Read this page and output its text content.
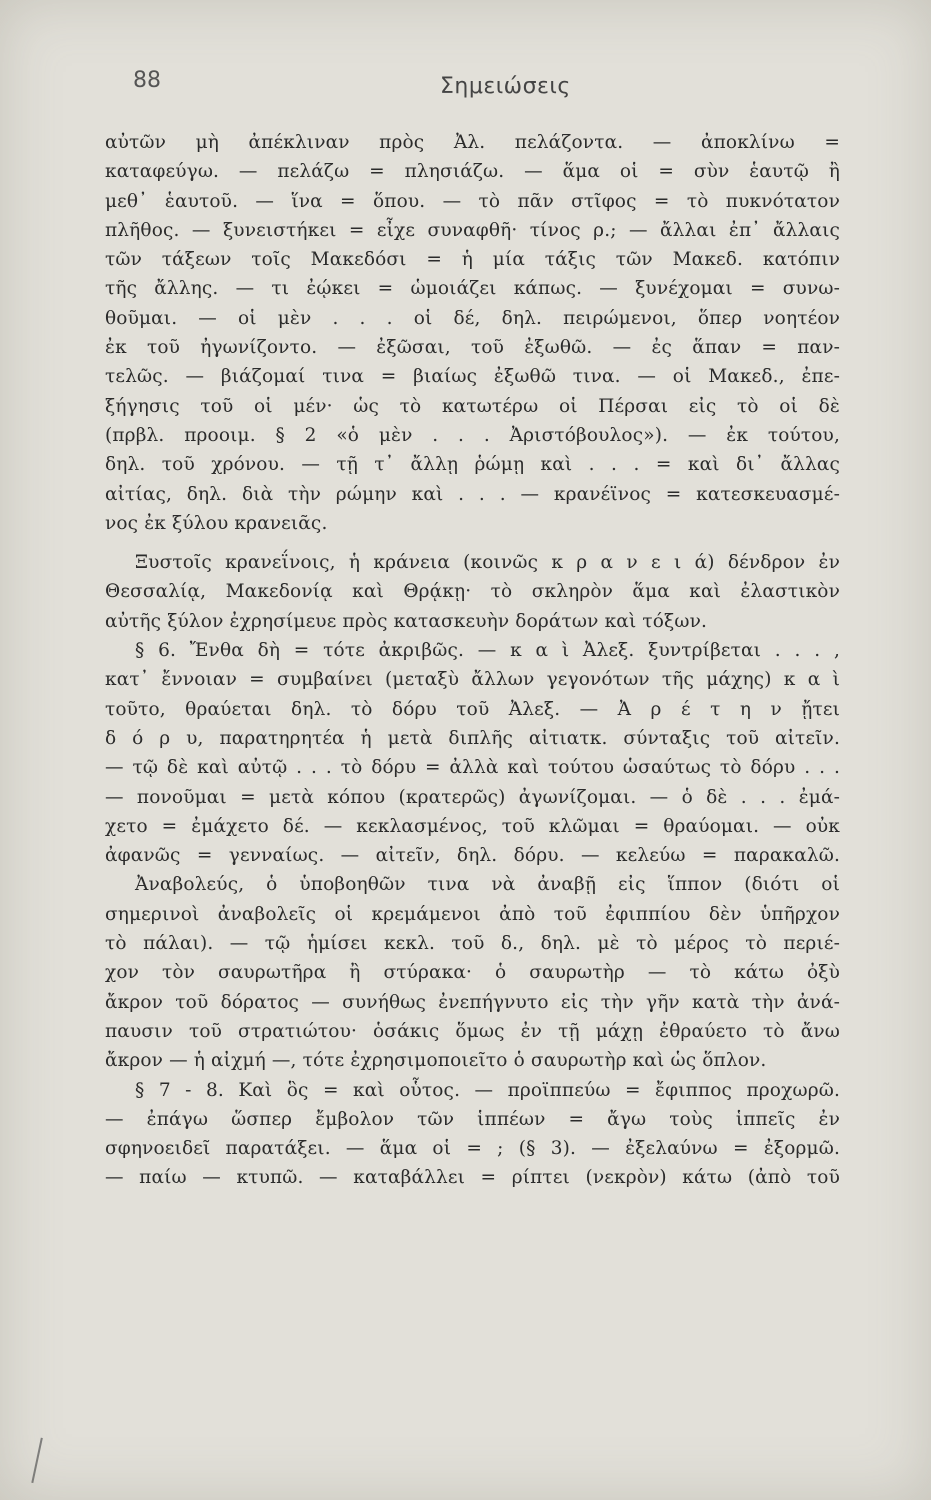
88	Σημειώσεις
αὐτῶν μὴ ἀπέκλιναν πρὸς Ἀλ. πελάζοντα. — ἀποκλίνω =
καταφεύγω. — πελάζω = πλησιάζω. — ἅμα οἱ = σὺν ἑαυτῷ ἢ
μεθ᾽ ἑαυτοῦ. — ἵνα = ὅπου. — τὸ πᾶν στῖφος = τὸ πυκνότατον
πλῆθος. — ξυνειστήκει = εἶχε συναφθῆ· τίνος ρ.; — ἄλλαι ἐπ᾽ ἄλλαις
τῶν τάξεων τοῖς Μακεδόσι = ἡ μία τάξις τῶν Μακεδ. κατόπιν
τῆς ἄλλης. — τι ἐῴκει = ὡμοιάζει κάπως. — ξυνέχομαι = συνω-
θοῦμαι. — οἱ μὲν . . . οἱ δέ, δηλ. πειρώμενοι, ὅπερ νοητέον
ἐκ τοῦ ἠγωνίζοντο. — ἐξῶσαι, τοῦ ἐξωθῶ. — ἐς ἅπαν = παν-
τελῶς. — βιάζομαί τινα = βιαίως ἐξωθῶ τινα. — οἱ Μακεδ., ἐπε-
ξήγησις τοῦ οἱ μέν· ὡς τὸ κατωτέρω οἱ Πέρσαι εἰς τὸ οἱ δὲ
(πρβλ. προοιμ. § 2 «ὁ μὲν . . . Ἀριστόβουλος»). — ἐκ τούτου,
δηλ. τοῦ χρόνου. — τῇ τ᾽ ἄλλῃ ῥώμῃ καὶ . . . = καὶ δι᾽ ἄλλας
αἰτίας, δηλ. διὰ τὴν ρώμην καὶ . . . — κρανέϊνος = κατεσκευασμέ-
νος ἐκ ξύλου κρανειᾶς.
Ξυστοῖς κρανεΐνοις, ἡ κράνεια (κοινῶς κ ρ α ν ε ι ά) δένδρον ἐν
Θεσσαλίᾳ, Μακεδονίᾳ καὶ Θρᾴκῃ· τὸ σκληρὸν ἅμα καὶ ἐλαστικὸν
αὐτῆς ξύλον ἐχρησίμευε πρὸς κατασκευὴν δοράτων καὶ τόξων.
§ 6. Ἔνθα δὴ = τότε ἀκριβῶς. — κ α ὶ Ἀλεξ. ξυντρίβεται . . . ,
κατ᾽ ἔννοιαν = συμβαίνει (μεταξὺ ἄλλων γεγονότων τῆς μάχης) κ α ὶ
τοῦτο, θραύεται δηλ. τὸ δόρυ τοῦ Ἀλεξ. — Ἀ ρ έ τ η ν ᾔτει
δ ό ρ υ, παρατηρητέα ἡ μετὰ διπλῆς αἰτιατκ. σύνταξις τοῦ αἰτεῖν.
— τῷ δὲ καὶ αὐτῷ . . . τὸ δόρυ = ἀλλὰ καὶ τούτου ὡσαύτως τὸ δόρυ . . .
— πονοῦμαι = μετὰ κόπου (κρατερῶς) ἀγωνίζομαι. — ὁ δὲ . . . ἐμά-
χετο = ἐμάχετο δέ. — κεκλασμένος, τοῦ κλῶμαι = θραύομαι. — οὐκ
ἀφανῶς = γενναίως. — αἰτεῖν, δηλ. δόρυ. — κελεύω = παρακαλῶ.
Ἀναβολεύς, ὁ ὑποβοηθῶν τινα νὰ ἀναβῇ εἰς ἵππον (διότι οἱ
σημερινοὶ ἀναβολεῖς οἱ κρεμάμενοι ἀπὸ τοῦ ἐφιππίου δὲν ὑπῆρχον
τὸ πάλαι). — τῷ ἡμίσει κεκλ. τοῦ δ., δηλ. μὲ τὸ μέρος τὸ περιέ-
χον τὸν σαυρωτῆρα ἢ στύρακα· ὁ σαυρωτὴρ — τὸ κάτω ὀξὺ
ἄκρον τοῦ δόρατος — συνήθως ἐνεπήγνυτο εἰς τὴν γῆν κατὰ τὴν ἀνά-
παυσιν τοῦ στρατιώτου· ὁσάκις ὅμως ἐν τῇ μάχῃ ἐθραύετο τὸ ἄνω
ἄκρον — ἡ αἰχμή —, τότε ἐχρησιμοποιεῖτο ὁ σαυρωτὴρ καὶ ὡς ὅπλον.
§ 7 - 8. Καὶ ὃς = καὶ οὗτος. — προϊππεύω = ἔφιππος προχωρῶ.
— ἐπάγω ὥσπερ ἔμβολον τῶν ἱππέων = ἄγω τοὺς ἱππεῖς ἐν
σφηνοειδεῖ παρατάξει. — ἅμα οἱ = ; (§ 3). — ἐξελαύνω = ἐξορμῶ.
— παίω — κτυπῶ. — καταβάλλει = ρίπτει (νεκρὸν) κάτω (ἀπὸ τοῦ
